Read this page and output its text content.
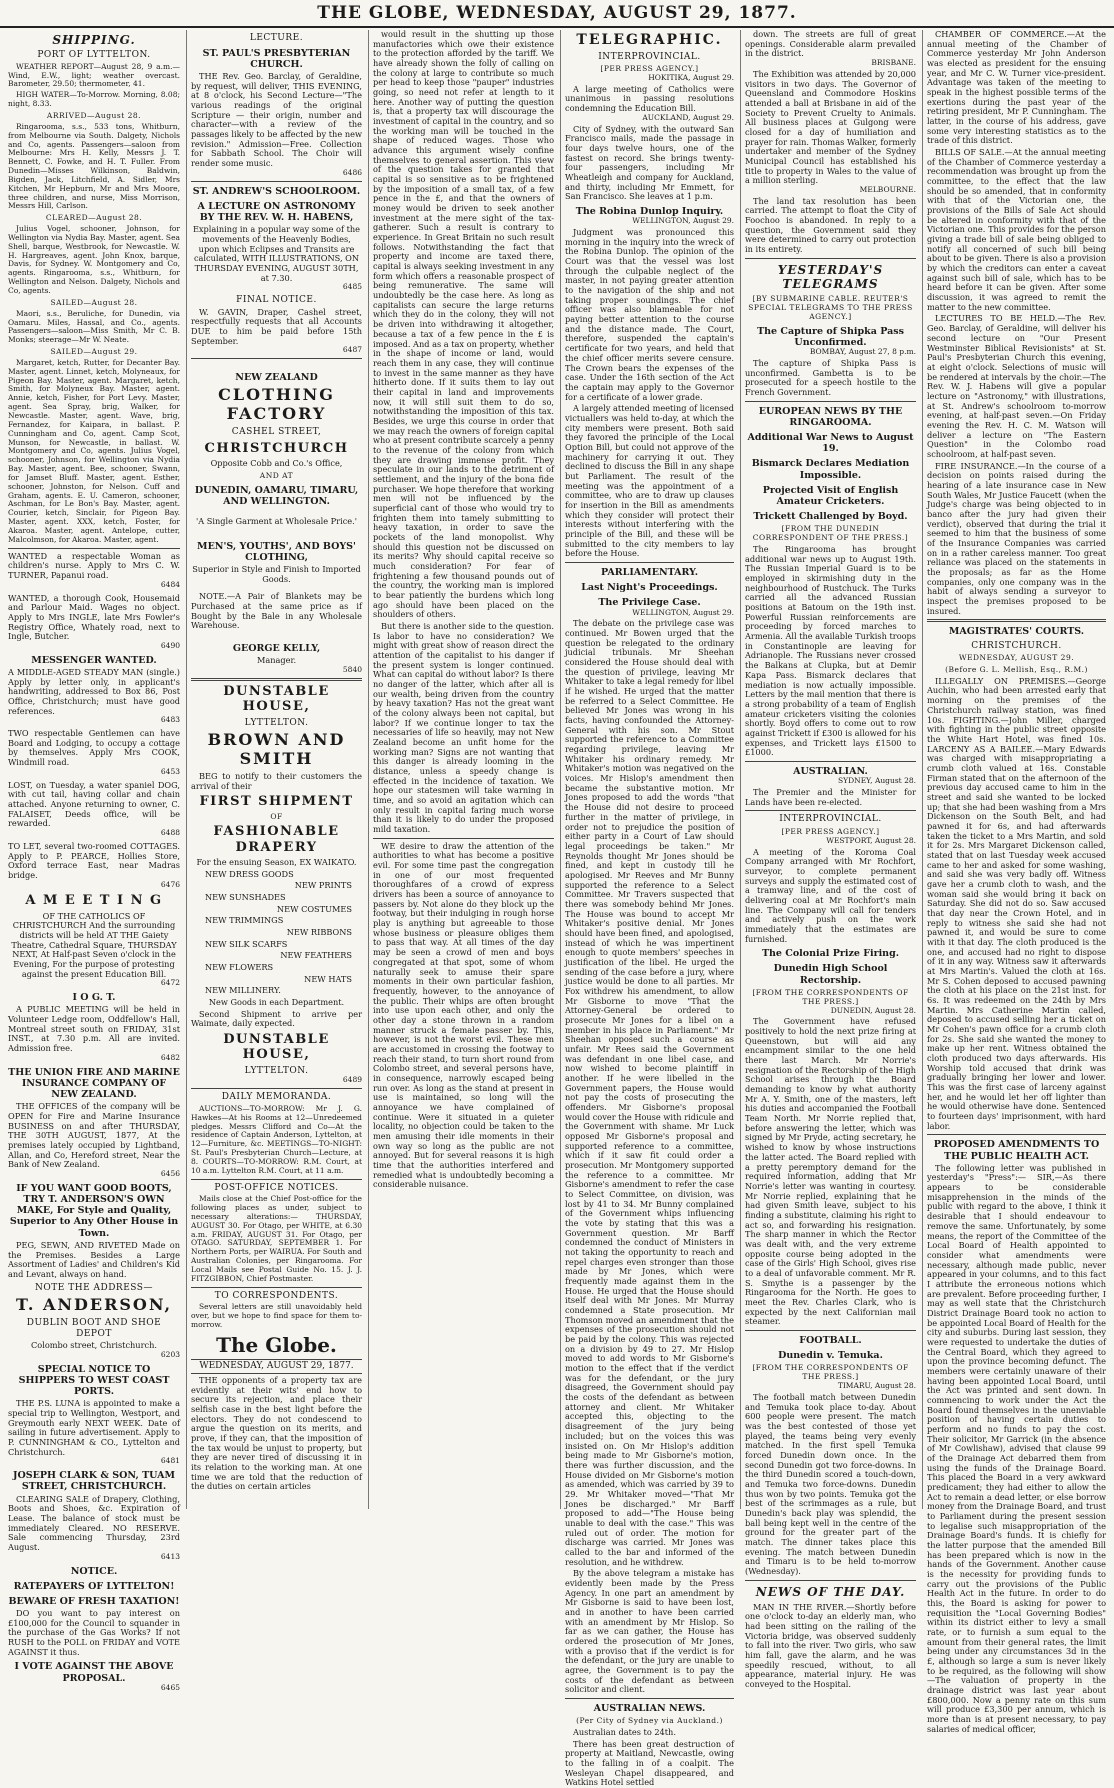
THE GLOBE, WEDNESDAY, AUGUST 29, 1877.
SHIPPING.
PORT OF LYTTELTON.

WEATHER REPORT—August 28, 9 a.m.—Wind, E.W., light; weather overcast. Barometer, 29.50; thermometer, 41.

HIGH WATER—To-Morrow. Morning, 8.08; night, 8.33.

ARRIVED—August 28.

Ringarooma, s.s., 533 tons, Whitburn, from Melbourne via South. Dalgety, Nichols and Co, agents. Passengers—saloon from Melbourne: Mrs H. Kelly, Messrs J. T. Bennett, C. Fowke, and H. T. Fuller. From Dunedin—Misses Wilkinson, Baldwin, Bigden, Jack, Litchfield, A. Sidler, Mrs Kitchen, Mr Hepburn, Mr and Mrs Moore, three children, and nurse, Miss Morrison, Messrs Hill, Carlson.

CLEARED—August 28.

Julius Vogel, schooner, Johnson, for Wellington via Nydia Bay. Master, agent. Sea Shell, barque, Westbrook, for Newcastle. W. H. Hargreaves, agent. John Knox, barque, Davis, for Sydney. W. Montgomery and Co, agents. Ringarooma, s.s., Whitburn, for Wellington and Nelson. Dalgety, Nichols and Co, agents.

SAILED—August 28.

Maori, s.s., Beruliche, for Dunedin, via Oamaru. Miles, Hassal, and Co., agents. Passengers—saloon—Miss Smith, Mr C. B. Monks; steerage—Mr W. Neate.

SAILED—August 29.

Margaret, ketch, Rutter, for Decanter Bay. Master, agent. Linnet, ketch, Molyneaux, for Pigeon Bay. Master, agent. Margaret, ketch, Smith, for Molyneux Bay. Master, agent. Annie, ketch, Fisher, for Port Levy. Master, agent. Sea Spray, brig, Walker, for Newcastle. Master, agent. Wave, brig, Fernandez, for Kaipara, in ballast. P. Cunningham and Co, agent. Camp Scot, Munson, for Newcastle, in ballast. W. Montgomery and Co, agents. Julius Vogel, schooner, Johnson, for Wellington via Nydia Bay. Master, agent. Bee, schooner, Swann, for Jamset Bluff. Master, agent. Esther, schooner, Johnston, for Nelson. Cuff and Graham, agents. E. U. Cameron, schooner, Aschman, for Le Bon's Bay. Master, agent. Courier, ketch, Sinclair, for Pigeon Bay. Master, agent. XXX, ketch, Foster, for Akaroa. Master, agent. Antelope, cutter, Malcolmson, for Akaroa. Master, agent.

WANTED a respectable Woman as children's nurse. Apply to Mrs C. W. TURNER, Papanui road.

6484

WANTED, a thorough Cook, Housemaid and Parlour Maid. Wages no object. Apply to Mrs INGLE, late Mrs Fowler's Registry Office, Whately road, next to Ingle, Butcher.

6490

MESSENGER WANTED.

A MIDDLE-AGED STEADY MAN (single.) Apply by letter only, in applicant's handwriting, addressed to Box 86, Post Office, Christchurch; must have good references.

6483

TWO respectable Gentlemen can have Board and Lodging, to occupy a cottage by themselves. Apply Mrs COOK, Windmill road.

6453

LOST, on Tuesday, a water spaniel DOG, with cut tail, having collar and chain attached. Anyone returning to owner, C. FALAISET, Deeds office, will be rewarded.

6488

TO LET, several two-roomed COTTAGES. Apply to P. PEARCE, Hollies Store, Oxford terrace East, near Madras bridge.

6476

A M E E T I N G

OF THE CATHOLICS OF CHRISTCHURCH And the surrounding districts will be held AT THE Gaiety Theatre, Cathedral Square, THURSDAY NEXT, At Half-past Seven o'clock in the Evening, For the purpose of protesting against the present Education Bill.

6472

I O G. T.

A PUBLIC MEETING will be held in Volunteer Ledge room, Oddfellow's Hall, Montreal street south on FRIDAY, 31st INST., at 7.30 p.m. All are invited. Admission free.

6482

THE UNION FIRE AND MARINE INSURANCE COMPANY OF NEW ZEALAND.

THE OFFICES of the company will be OPEN for Fire and Marine Insurance BUSINESS on and after THURSDAY, THE 30TH AUGUST, 1877, At the premises lately occupied by Lightband, Allan, and Co, Hereford street, Near the Bank of New Zealand.

6456

IF YOU WANT GOOD BOOTS, TRY T. ANDERSON'S OWN MAKE, For Style and Quality, Superior to Any Other House in Town.

PEG, SEWN, AND RIVETED Made on the Premises. Besides a Large Assortment of Ladies' and Children's Kid and Levant, always on hand.

NOTE THE ADDRESS—
T. ANDERSON,
DUBLIN BOOT AND SHOE DEPOT

Colombo street, Christchurch.

6203

SPECIAL NOTICE TO SHIPPERS TO WEST COAST PORTS.

THE P.S. LUNA is appointed to make a special trip to Wellington, Westport, and Greymouth early NEXT WEEK. Date of sailing in future advertisement. Apply to P. CUNNINGHAM & CO., Lyttelton and Christchurch.

6481

JOSEPH CLARK & SON, TUAM STREET, CHRISTCHURCH.

CLEARING SALE of Drapery, Clothing, Boots and Shoes, &c. Expiration of Lease. The balance of stock must be immediately Cleared. NO RESERVE. Sale commencing Thursday, 23rd August.

6413

NOTICE.
RATEPAYERS OF LYTTELTON!
BEWARE OF FRESH TAXATION!

DO you want to pay interest on £100,000 for the Council to squander in the purchase of the Gas Works? If not RUSH to the POLL on FRIDAY and VOTE AGAINST it thus.

I VOTE AGAINST THE ABOVE PROPOSAL.

6465

LECTURE.
ST. PAUL'S PRESBYTERIAN CHURCH.

THE Rev. Geo. Barclay, of Geraldine, by request, will deliver, THIS EVENING, at 8 o'clock, his Second Lecture—"The various readings of the original Scripture — their origin, number and character—with a review of the passages likely to be affected by the new revision." Admission—Free. Collection for Sabbath School. The Choir will render some music.

6486

ST. ANDREW'S SCHOOLROOM.
A LECTURE ON ASTRONOMY BY THE REV. W. H. HABENS,

Explaining in a popular way some of the movements of the Heavenly Bodies, upon which Eclipses and Transits are calculated, WITH ILLUSTRATIONS, ON THURSDAY EVENING, AUGUST 30TH, at 7.30.

6485

FINAL NOTICE.

W. GAVIN, Draper, Cashel street, respectfully requests that all Accounts DUE to him be paid before 15th September.

6487

NEW ZEALAND
CLOTHING FACTORY
CASHEL STREET,
CHRISTCHURCH

Opposite Cobb and Co.'s Office,

AND AT
DUNEDIN, OAMARU, TIMARU, AND WELLINGTON.

'A Single Garment at Wholesale Price.'

MEN'S, YOUTHS', AND BOYS' CLOTHING,

Superior in Style and Finish to Imported Goods.

NOTE.—A Pair of Blankets may be Purchased at the same price as if Bought by the Bale in any Wholesale Warehouse.

GEORGE KELLY,

Manager.

5840

DUNSTABLE HOUSE,
LYTTELTON.
BROWN AND SMITH

BEG to notify to their customers the arrival of their

FIRST SHIPMENT
OF
FASHIONABLE DRAPERY

For the ensuing Season, EX WAIKATO.

NEW DRESS GOODS

NEW PRINTS

NEW SUNSHADES

NEW COSTUMES

NEW TRIMMINGS

NEW RIBBONS

NEW SILK SCARFS

NEW FEATHERS

NEW FLOWERS

NEW HATS

NEW MILLINERY.

New Goods in each Department.

Second Shipment to arrive per Waimate, daily expected.

DUNSTABLE HOUSE,
LYTTELTON.

6489

DAILY MEMORANDA.

AUCTIONS—TO-MORROW: Mr J. G. Hawkes—At his Rooms at 12—Unredeemed pledges. Messrs Clifford and Co—At the residence of Captain Anderson, Lyttelton, at 12—Furniture, &c. MEETINGS—TO-NIGHT: St. Paul's Presbyterian Church—Lecture, at 8. COURTS—TO-MORROW: R.M. Court, at 10 a.m. Lyttelton R.M. Court, at 11 a.m.

POST-OFFICE NOTICES.

Mails close at the Chief Post-office for the following places as under, subject to necessary alterations:— THURSDAY, AUGUST 30. For Otago, per WHITE, at 6.30 a.m. FRIDAY, AUGUST 31. For Otago, per OTAGO. SATURDAY, SEPTEMBER 1. For Northern Ports, per WAIRUA. For South and Australian Colonies, per Ringarooma. For Local Mails see Postal Guide No. 15. J. J. FITZGIBBON, Chief Postmaster.

TO CORRESPONDENTS.

Several letters are still unavoidably held over, but we hope to find space for them to-morrow.

The Globe.
WEDNESDAY, AUGUST 29, 1877.

THE opponents of a property tax are evidently at their wits' end how to secure its rejection, and place their selfish case in the best light before the electors. They do not condescend to argue the question on its merits, and prove, if they can, that the imposition of the tax would be unjust to property, but they are never tired of discussing it in its relation to the working man. At one time we are told that the reduction of the duties on certain articles

would result in the shutting up those manufactories which owe their existence to the protection afforded by the tariff. We have already shown the folly of calling on the colony at large to contribute so much per head to keep those "pauper" industries going, so need not refer at length to it here. Another way of putting the question is, that a property tax will discourage the investment of capital in the country, and so the working man will be touched in the shape of reduced wages. Those who advance this argument wisely confine themselves to general assertion. This view of the question takes for granted that capital is so sensitive as to be frightened by the imposition of a small tax, of a few pence in the £, and that the owners of money would be driven to seek another investment at the mere sight of the tax-gatherer. Such a result is contrary to experience. In Great Britain no such result follows. Notwithstanding the fact that property and income are taxed there, capital is always seeking investment in any form which offers a reasonable prospect of being remunerative. The same will undoubtedly be the case here. As long as capitalists can secure the large returns which they do in the colony, they will not be driven into withdrawing it altogether, because a tax of a few pence in the £ is imposed. And as a tax on property, whether in the shape of income or land, would reach them in any case, they will continue to invest in the same manner as they have hitherto done. If it suits them to lay out their capital in land and improvements now, it will still suit them to do so, notwithstanding the imposition of this tax. Besides, we urge this course in order that we may reach the owners of foreign capital who at present contribute scarcely a penny to the revenue of the colony from which they are drawing immense profit. They speculate in our lands to the detriment of settlement, and the injury of the bona fide purchaser. We hope therefore that working men will not be influenced by the superficial cant of those who would try to frighten them into tamely submitting to heavy taxation, in order to save the pockets of the land monopolist. Why should this question not be discussed on its merits? Why should capital receive so much consideration? For fear of frightening a few thousand pounds out of the country, the working man is implored to bear patiently the burdens which long ago should have been placed on the shoulders of others.

But there is another side to the question. Is labor to have no consideration? We might with great show of reason direct the attention of the capitalist to his danger if the present system is longer continued. What can capital do without labor? Is there no danger of the latter, which after all is our wealth, being driven from the country by heavy taxation? Has not the great want of the colony always been not capital, but labor? If we continue longer to tax the necessaries of life so heavily, may not New Zealand become an unfit home for the working man? Signs are not wanting that this danger is already looming in the distance, unless a speedy change is effected in the incidence of taxation. We hope our statesmen will take warning in time, and so avoid an agitation which can only result in capital faring much worse than it is likely to do under the proposed mild taxation.

WE desire to draw the attention of the authorities to what has become a positive evil. For some time past the congregation in one of our most frequented thoroughfares of a crowd of express drivers has been a source of annoyance to passers by. Not alone do they block up the footway, but their indulging in rough horse play is anything but agreeable to those whose business or pleasure obliges them to pass that way. At all times of the day may be seen a crowd of men and boys congregated at that spot, some of whom naturally seek to amuse their spare moments in their own particular fashion, frequently, however, to the annoyance of the public. Their whips are often brought into use upon each other, and only the other day a stone thrown in a random manner struck a female passer by. This, however, is not the worst evil. These men are accustomed in crossing the footway to reach their stand, to turn short round from Colombo street, and several persons have, in consequence, narrowly escaped being run over. As long as the stand at present in use is maintained, so long will the annoyance we have complained of continue. Were it situated in a quieter locality, no objection could be taken to the men amusing their idle moments in their own way so long as the public are not annoyed. But for several reasons it is high time that the authorities interfered and remedied what is undoubtedly becoming a considerable nuisance.

TELEGRAPHIC.
INTERPROVINCIAL.
[PER PRESS AGENCY.]

HOKITIKA, August 29.

A large meeting of Catholics were unanimous in passing resolutions condemning the Education Bill.

AUCKLAND, August 29.

City of Sydney, with the outward San Francisco mails, made the passage in four days twelve hours, one of the fastest on record. She brings twenty-four passengers, including Mr Wheatleigh and company for Auckland, and thirty, including Mr Emmett, for San Francisco. She leaves at 1 p.m.

The Robina Dunlop Inquiry.

WELLINGTON, August 29.

Judgment was pronounced this morning in the inquiry into the wreck of the Robina Dunlop. The opinion of the Court was that the vessel was lost through the culpable neglect of the master, in not paying greater attention to the navigation of the ship and not taking proper soundings. The chief officer was also blameable for not paying better attention to the course and the distance made. The Court, therefore, suspended the captain's certificate for two years, and held that the chief officer merits severe censure. The Crown bears the expenses of the case. Under the 16th section of the Act the captain may apply to the Governor for a certificate of a lower grade.

A largely attended meeting of licensed victuallers was held to-day, at which the city members were present. Both said they favored the principle of the Local Option Bill, but could not approve of the machinery for carrying it out. They declined to discuss the Bill in any shape but Parliament. The result of the meeting was the appointment of a committee, who are to draw up clauses for insertion in the Bill as amendments which they consider will protect their interests without interfering with the principle of the Bill, and these will be submitted to the city members to lay before the House.

PARLIAMENTARY.
Last Night's Proceedings.
The Privilege Case.

WELLINGTON, August 29.

The debate on the privilege case was continued. Mr Bowen urged that the question be relegated to the ordinary judicial tribunals. Mr Sheehan considered the House should deal with the question of privilege, leaving Mr Whitaker to take a legal remedy for libel if he wished. He urged that the matter be referred to a Select Committee. He believed Mr Jones was wrong in his facts, having confounded the Attorney-General with his son. Mr Stout supported the reference to a Committee regarding privilege, leaving Mr Whitaker his ordinary remedy. Mr Whitaker's motion was negatived on the voices. Mr Hislop's amendment then became the substantive motion. Mr Jones proposed to add the words "that the House did not desire to proceed further in the matter of privilege, in order not to prejudice the position of either party in a Court of Law should legal proceedings be taken." Mr Reynolds thought Mr Jones should be fined, and kept in custody till he apologised. Mr Reeves and Mr Bunny supported the reference to a Select Committee. Mr Travers suspected that there was somebody behind Mr Jones. The House was bound to accept Mr Whitaker's positive denial. Mr Jones should have been fined, and apologised, instead of which he was impertinent enough to quote members' speeches in justification of the libel. He urged the sending of the case before a jury, where justice would be done to all parties. Mr Fox withdrew his amendment, to allow Mr Gisborne to move "That the Attorney-General be ordered to prosecute Mr Jones for a libel on a member in his place in Parliament." Mr Sheehan opposed such a course as unfair. Mr Rees said the Government was defendant in one libel case, and now wished to become plaintiff in another. If he were libelled in the Government papers, the House would not pay the costs of prosecuting the offenders. Mr Gisborne's proposal would cover the House with ridicule and the Government with shame. Mr Luck opposed Mr Gisborne's proposal and supported reference to a committee, which if it saw fit could order a prosecution. Mr Montgomery supported the reference to a committee. Mr Gisborne's amendment to refer the case to Select Committee, on division, was lost by 41 to 34. Mr Bunny complained of the Government whips influencing the vote by stating that this was a Government question. Mr Barff condemned the conduct of Ministers in not taking the opportunity to reach and repel charges even stronger than those made by Mr Jones, which were frequently made against them in the House. He urged that the House should itself deal with Mr Jones. Mr Murray condemned a State prosecution. Mr Thomson moved an amendment that the expenses of the prosecution should not be paid by the colony. This was rejected on a division by 49 to 27. Mr Hislop moved to add words to Mr Gisborne's motion to the effect that if the verdict was for the defendant, or the jury disagreed, the Government should pay the costs of the defendant as between attorney and client. Mr Whitaker accepted this, objecting to the disagreement of the jury being included; but on the voices this was insisted on. On Mr Hislop's addition being made to Mr Gisborne's motion, there was further discussion, and the House divided on Mr Gisborne's motion as amended, which was carried by 39 to 29. Mr Whitaker moved—"That Mr Jones be discharged." Mr Barff proposed to add—"The House being unable to deal with the case." This was ruled out of order. The motion for discharge was carried. Mr Jones was called to the bar and informed of the resolution, and he withdrew.

By the above telegram a mistake has evidently been made by the Press Agency. In one part an amendment by Mr Gisborne is said to have been lost, and in another to have been carried with an amendment by Mr Hislop. So far as we can gather, the House has ordered the prosecution of Mr Jones, with a proviso that if the verdict is for the defendant, or the jury are unable to agree, the Government is to pay the costs of the defendant as between solicitor and client.

AUSTRALIAN NEWS.
(Per City of Sydney via Auckland.)

Australian dates to 24th.

There has been great destruction of property at Maitland, Newcastle, owing to the falling in of a coalpit. The Wesleyan Chapel disappeared, and Watkins Hotel settled

down. The streets are full of great openings. Considerable alarm prevailed in the district.

BRISBANE.

The Exhibition was attended by 20,000 visitors in two days. The Governor of Queensland and Commodore Hoskins attended a ball at Brisbane in aid of the Society to Prevent Cruelty to Animals. All business places at Gulgong were closed for a day of humiliation and prayer for rain. Thomas Walker, formerly undertaker and member of the Sydney Municipal Council has established his title to property in Wales to the value of a million sterling.

MELBOURNE.

The land tax resolution has been carried. The attempt to float the City of Foochoo is abandoned. In reply to a question, the Government said they were determined to carry out protection in its entirety.

YESTERDAY'S TELEGRAMS
[BY SUBMARINE CABLE. REUTER'S SPECIAL TELEGRAMS TO THE PRESS AGENCY.]
The Capture of Shipka Pass Unconfirmed.

BOMBAY, August 27, 8 p.m.

The capture of Shipka Pass is unconfirmed. Gambetta is to be prosecuted for a speech hostile to the French Government.

EUROPEAN NEWS BY THE RINGAROOMA.
Additional War News to August 19.
Bismarck Declares Mediation Impossible.
Projected Visit of English Amateur Cricketers.
Trickett Challenged by Boyd.
[FROM THE DUNEDIN CORRESPONDENT OF THE PRESS.]

The Ringarooma has brought additional war news up to August 19th. The Russian Imperial Guard is to be employed in skirmishing duty in the neighbourhood of Rustchuck. The Turks carried all the advanced Russian positions at Batoum on the 19th inst. Powerful Russian reinforcements are proceeding by forced marches to Armenia. All the available Turkish troops in Constantinople are leaving for Adrianople. The Russians never crossed the Balkans at Clupka, but at Demir Kapa Pass. Bismarck declares that mediation is now actually impossible. Letters by the mail mention that there is a strong probability of a team of English amateur cricketers visiting the colonies shortly. Boyd offers to come out to row against Trickett if £300 is allowed for his expenses, and Trickett lays £1500 to £1000.

AUSTRALIAN.

SYDNEY, August 28.

The Premier and the Minister for Lands have been re-elected.

INTERPROVINCIAL.
[PER PRESS AGENCY.]

WESTPORT, August 28.

A meeting of the Koroma Coal Company arranged with Mr Rochfort, surveyor, to complete permanent surveys and supply the estimated cost of a tramway line, and of the cost of delivering coal at Mr Rochfort's main line. The Company will call for tenders and actively push on the work immediately that the estimates are furnished.

The Colonial Prize Firing.
Dunedin High School Rectorship.
[FROM THE CORRESPONDENTS OF THE PRESS.]

DUNEDIN, August 28.

The Government have refused positively to hold the next prize firing at Queenstown, but will aid any encampment similar to the one held there last March. Mr Norrie's resignation of the Rectorship of the High School arises through the Board demanding to know by what authority Mr A. Y. Smith, one of the masters, left his duties and accompanied the Football Team North. Mr Norrie replied that, before answering the letter, which was signed by Mr Pryde, acting secretary, he wished to know by whose instructions the latter acted. The Board replied with a pretty peremptory demand for the required information, adding that Mr Norrie's letter was wanting in courtesy. Mr Norrie replied, explaining that he had given Smith leave, subject to his finding a substitute, claiming his right to act so, and forwarding his resignation. The sharp manner in which the Rector was dealt with, and the very extreme opposite course being adopted in the case of the Girls' High School, gives rise to a deal of unfavorable comment. Mr R. S. Smythe is a passenger by the Ringarooma for the North. He goes to meet the Rev. Charles Clark, who is expected by the next Californian mail steamer.

FOOTBALL.
Dunedin v. Temuka.
[FROM THE CORRESPONDENTS OF THE PRESS.]

TIMARU, August 28.

The football match between Dunedin and Temuka took place to-day. About 600 people were present. The match was the best contested of those yet played, the teams being very evenly matched. In the first spell Temuka forced Dunedin down once. In the second Dunedin got two force-downs. In the third Dunedin scored a touch-down, and Temuka two force-downs. Dunedin thus won by two points. Temuka got the best of the scrimmages as a rule, but Dunedin's back play was splendid, the ball being kept well in the centre of the ground for the greater part of the match. The dinner takes place this evening. The match between Dunedin and Timaru is to be held to-morrow (Wednesday).

NEWS OF THE DAY.

MAN IN THE RIVER.—Shortly before one o'clock to-day an elderly man, who had been sitting on the railing of the Victoria bridge, was observed suddenly to fall into the river. Two girls, who saw him fall, gave the alarm, and he was speedily rescued, without, to all appearance, material injury. He was conveyed to the Hospital.

CHAMBER OF COMMERCE.—At the annual meeting of the Chamber of Commerce yesterday Mr John Anderson was elected as president for the ensuing year, and Mr C. W. Turner vice-president. Advantage was taken of the meeting to speak in the highest possible terms of the exertions during the past year of the retiring president, Mr P. Cunningham. The latter, in the course of his address, gave some very interesting statistics as to the trade of this district.

BILLS OF SALE.—At the annual meeting of the Chamber of Commerce yesterday a recommendation was brought up from the committee, to the effect that the law should be so amended, that in conformity with that of the Victorian one, the provisions of the Bills of Sale Act should be altered in conformity with that of the Victorian one. This provides for the person giving a trade bill of sale being obliged to notify all concerned of such bill being about to be given. There is also a provision by which the creditors can enter a caveat against such bill of sale, which has to be heard before it can be given. After some discussion, it was agreed to remit the matter to the new committee.

LECTURES TO BE HELD.—The Rev. Geo. Barclay, of Geraldine, will deliver his second lecture on "Our Present Westminster Biblical Revisionists" at St. Paul's Presbyterian Church this evening, at eight o'clock. Selections of music will be rendered at intervals by the choir.—The Rev. W. J. Habens will give a popular lecture on "Astronomy," with illustrations, at St. Andrew's schoolroom to-morrow evening, at half-past seven.—On Friday evening the Rev. H. C. M. Watson will deliver a lecture on "The Eastern Question" in the Colombo road schoolroom, at half-past seven.

FIRE INSURANCE.—In the course of a decision on points raised during the hearing of a late insurance case in New South Wales, Mr Justice Faucett (when the Judge's charge was being objected to in banco after the jury had given their verdict), observed that during the trial it seemed to him that the business of some of the Insurance Companies was carried on in a rather careless manner. Too great reliance was placed on the statements in the proposals; as far as the Home companies, only one company was in the habit of always sending a surveyor to inspect the premises proposed to be insured.

MAGISTRATES' COURTS.
CHRISTCHURCH.
WEDNESDAY, AUGUST 29.
(Before G. L. Mellish, Esq., R.M.)

ILLEGALLY ON PREMISES.—George Auchin, who had been arrested early that morning on the premises of the Christchurch railway station, was fined 10s. FIGHTING.—John Miller, charged with fighting in the public street opposite the White Hart Hotel, was fined 10s. LARCENY AS A BAILEE.—Mary Edwards was charged with misappropriating a crumb cloth valued at 16s. Constable Firman stated that on the afternoon of the previous day accused came to him in the street and said she wanted to be locked up; that she had been washing from a Mrs Dickenson on the South Belt, and had pawned it for 6s, and had afterwards taken the ticket to a Mrs Martin, and sold it for 2s. Mrs Margaret Dickenson called, stated that on last Tuesday week accused came to her and asked for some washing, and said she was very badly off. Witness gave her a crumb cloth to wash, and the woman said she would bring it back on Saturday. She did not do so. Saw accused that day near the Crown Hotel, and in reply to witness she said she had not pawned it, and would be sure to come with it that day. The cloth produced is the one, and accused had no right to dispose of it in any way. Witness saw it afterwards at Mrs Martin's. Valued the cloth at 16s. Mr S. Cohen deposed to accused pawning the cloth at his place on the 21st inst. for 6s. It was redeemed on the 24th by Mrs Martin. Mrs Catherine Martin called, deposed to accused selling her a ticket on Mr Cohen's pawn office for a crumb cloth for 2s. She said she wanted the money to make up her rent. Witness obtained the cloth produced two days afterwards. His Worship told accused that drink was gradually bringing her lower and lower. This was the first case of larceny against her, and he would let her off lighter than he would otherwise have done. Sentenced to fourteen days' imprisonment, with hard labor.

PROPOSED AMENDMENTS TO THE PUBLIC HEALTH ACT.

The following letter was published in yesterday's "Press":— SIR,—As there appears to be considerable misapprehension in the minds of the public with regard to the above, I think it desirable that I should endeavour to remove the same. Unfortunately, by some means, the report of the Committee of the Local Board of Health appointed to consider what amendments were necessary, although made public, never appeared in your columns, and to this fact I attribute the erroneous notions which are prevalent. Before proceeding further, I may as well state that the Christchurch District Drainage Board took no action to be appointed Local Board of Health for the city and suburbs. During last session, they were requested to undertake the duties of the Central Board, which they agreed to upon the province becoming defunct. The members were certainly unaware of their having been appointed Local Board, until the Act was printed and sent down. In commencing to work under the Act the Board found themselves in the unenviable position of having certain duties to perform and no funds to pay the cost. Their solicitor, Mr Garrick (in the absence of Mr Cowlishaw), advised that clause 99 of the Drainage Act debarred them from using the funds of the Drainage Board. This placed the Board in a very awkward predicament; they had either to allow the Act to remain a dead letter, or else borrow money from the Drainage Board, and trust to Parliament during the present session to legalise such misappropriation of the Drainage Board's funds. It is chiefly for the latter purpose that the amended Bill has been prepared which is now in the hands of the Government. Another cause is the necessity for providing funds to carry out the provisions of the Public Health Act in the future. In order to do this, the Board is asking for power to requisition the "Local Governing Bodies" within its district either to levy a small rate, or to furnish a sum equal to the amount from their general rates, the limit being under any circumstances 3d in the £, although so large a sum is never likely to be required, as the following will show—The valuation of property in the drainage district was last year about £800,000. Now a penny rate on this sum will produce £3,300 per annum, which is more than is at present necessary, to pay salaries of medical officer,
